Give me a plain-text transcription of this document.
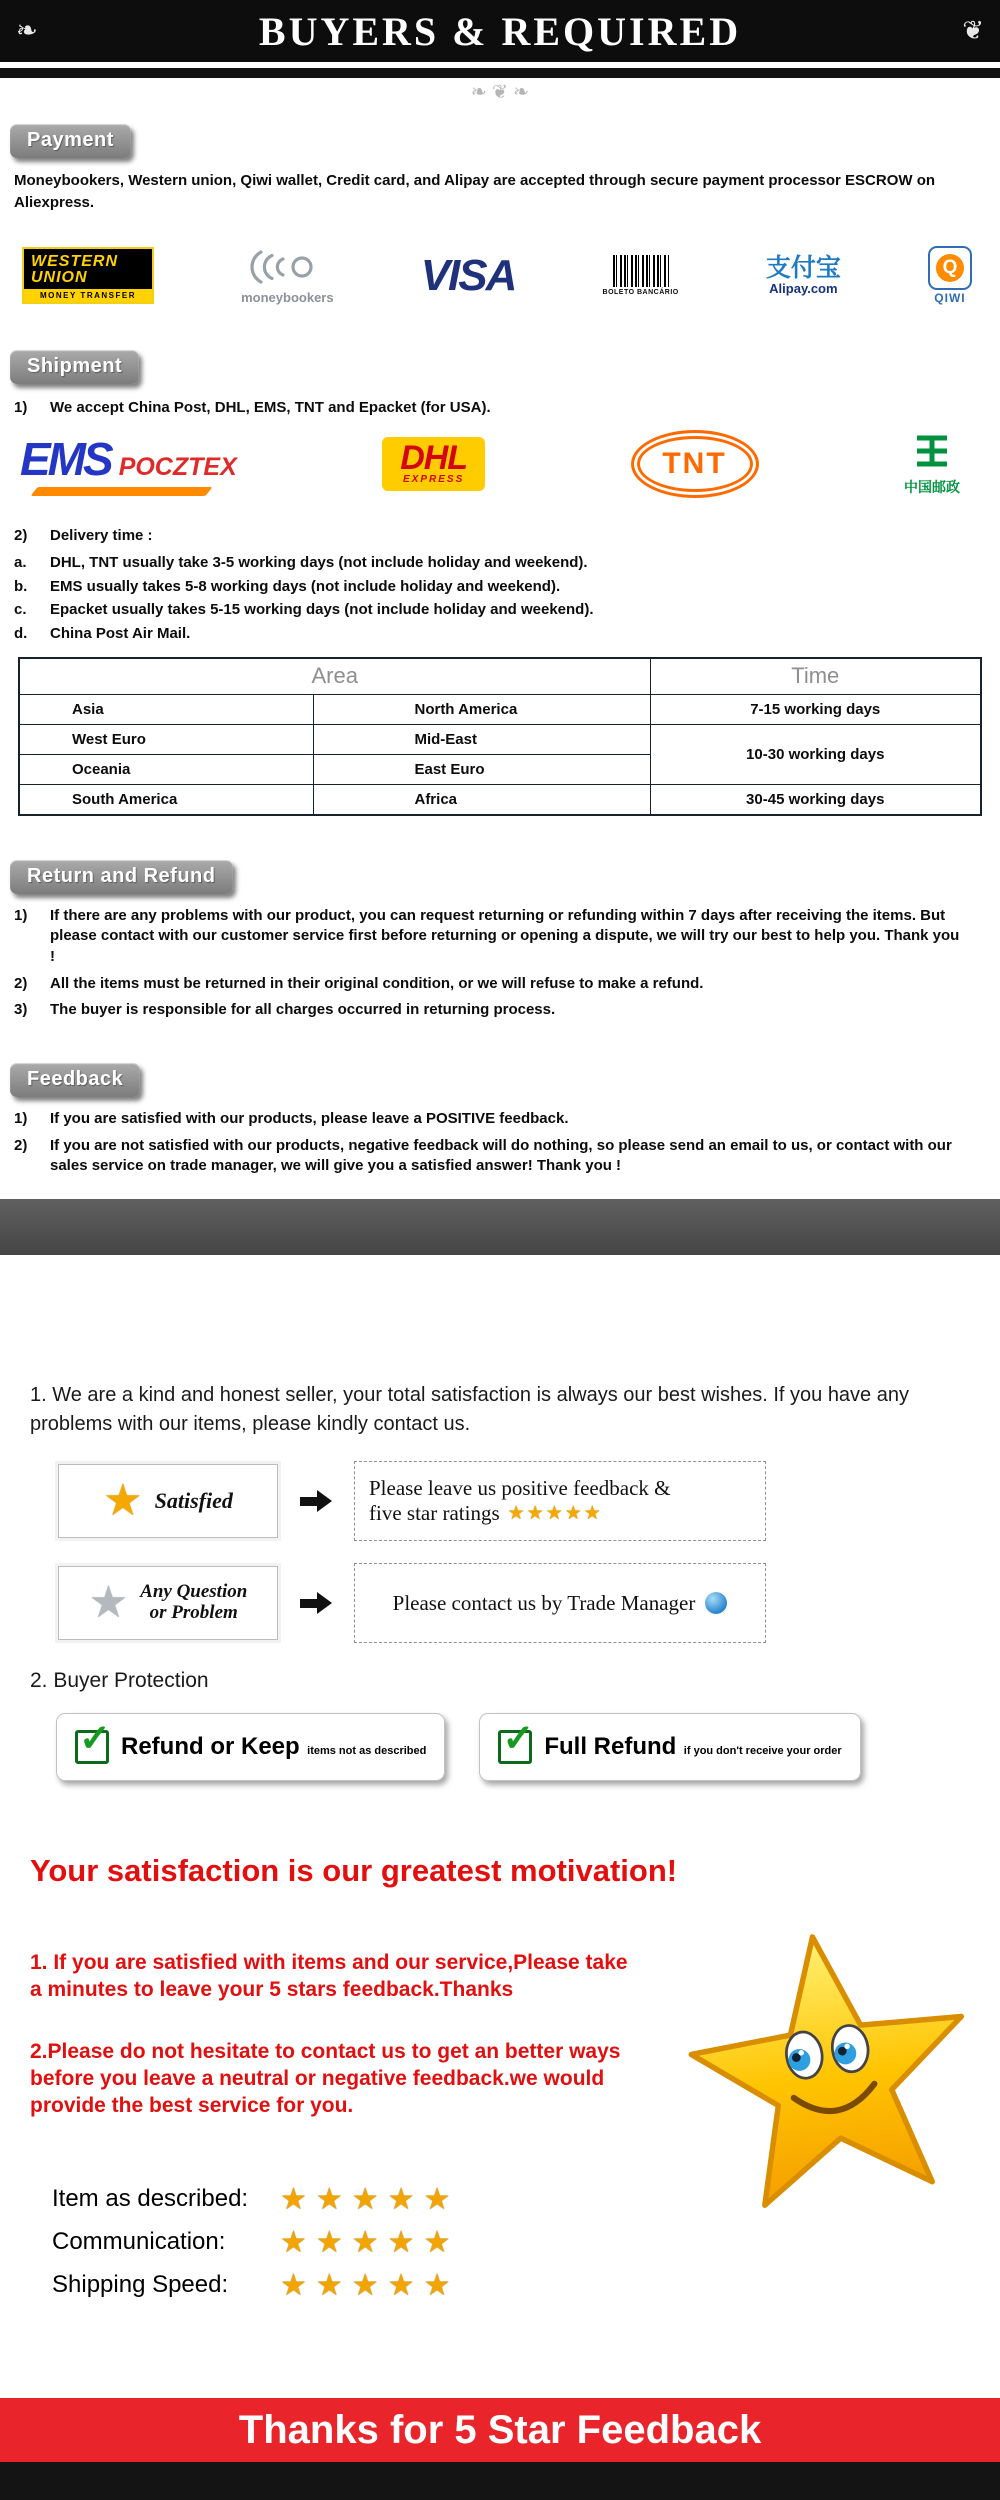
❧	BUYERS & REQUIRED	❦
❧ ❦ ❧
Payment
Moneybookers, Western union, Qiwi wallet, Credit card, and Alipay are accepted through secure payment processor ESCROW on Aliexpress.
WESTERN
UNION
MONEY TRANSFER	moneybookers VISA	BOLETO BANCÁRIO
支付宝
Alipay.com
Q
QIWI
Shipment
1)	We accept China Post, DHL, EMS, TNT and Epacket (for USA).
EMS POCZTEX	DHL
EXPRESS	TNT
中国邮政
2)	Delivery time :
a.	DHL, TNT usually take 3-5 working days (not include holiday and weekend).
b.	EMS usually takes 5-8 working days (not include holiday and weekend).
c.	Epacket usually takes 5-15 working days (not include holiday and weekend).
d.	China Post Air Mail.
Area		Time
Asia	North America	7-15 working days
West Euro	Mid-East	10-30 working days
Oceania	East Euro	
South America	Africa	30-45 working days
Return and Refund
1)	If there are any problems with our product, you can request returning or refunding within 7 days after receiving the items. But please contact with our customer service first before returning or opening a dispute, we will try our best to help you. Thank you !
2)	All the items must be returned in their original condition, or we will refuse to make a refund.
3)	The buyer is responsible for all charges occurred in returning process.
Feedback
1)	If you are satisfied with our products, please leave a POSITIVE feedback.
2)	If you are not satisfied with our products, negative feedback will do nothing, so please send an email to us, or contact with our sales service on trade manager, we will give you a satisfied answer! Thank you !
1. We are a kind and honest seller, your total satisfaction is always our best wishes. If you have any problems with our items, please kindly contact us.
★ Satisfied	Please leave us positive feedback &
five star ratings ★★★★★
★ Any Question
or Problem	Please contact us by Trade Manager
2. Buyer Protection
✓ Refund or Keep items not as described ✓ Full Refund if you don't receive your order
Your satisfaction is our greatest motivation!
1. If you are satisfied with items and our service,Please take a minutes to leave your 5 stars feedback.Thanks
2.Please do not hesitate to contact us to get an better ways before you leave a neutral or negative feedback.we would provide the best service for you.
Item as described:	★★★★★
Communication:	★★★★★
Shipping Speed:	★★★★★
Thanks for 5 Star Feedback
